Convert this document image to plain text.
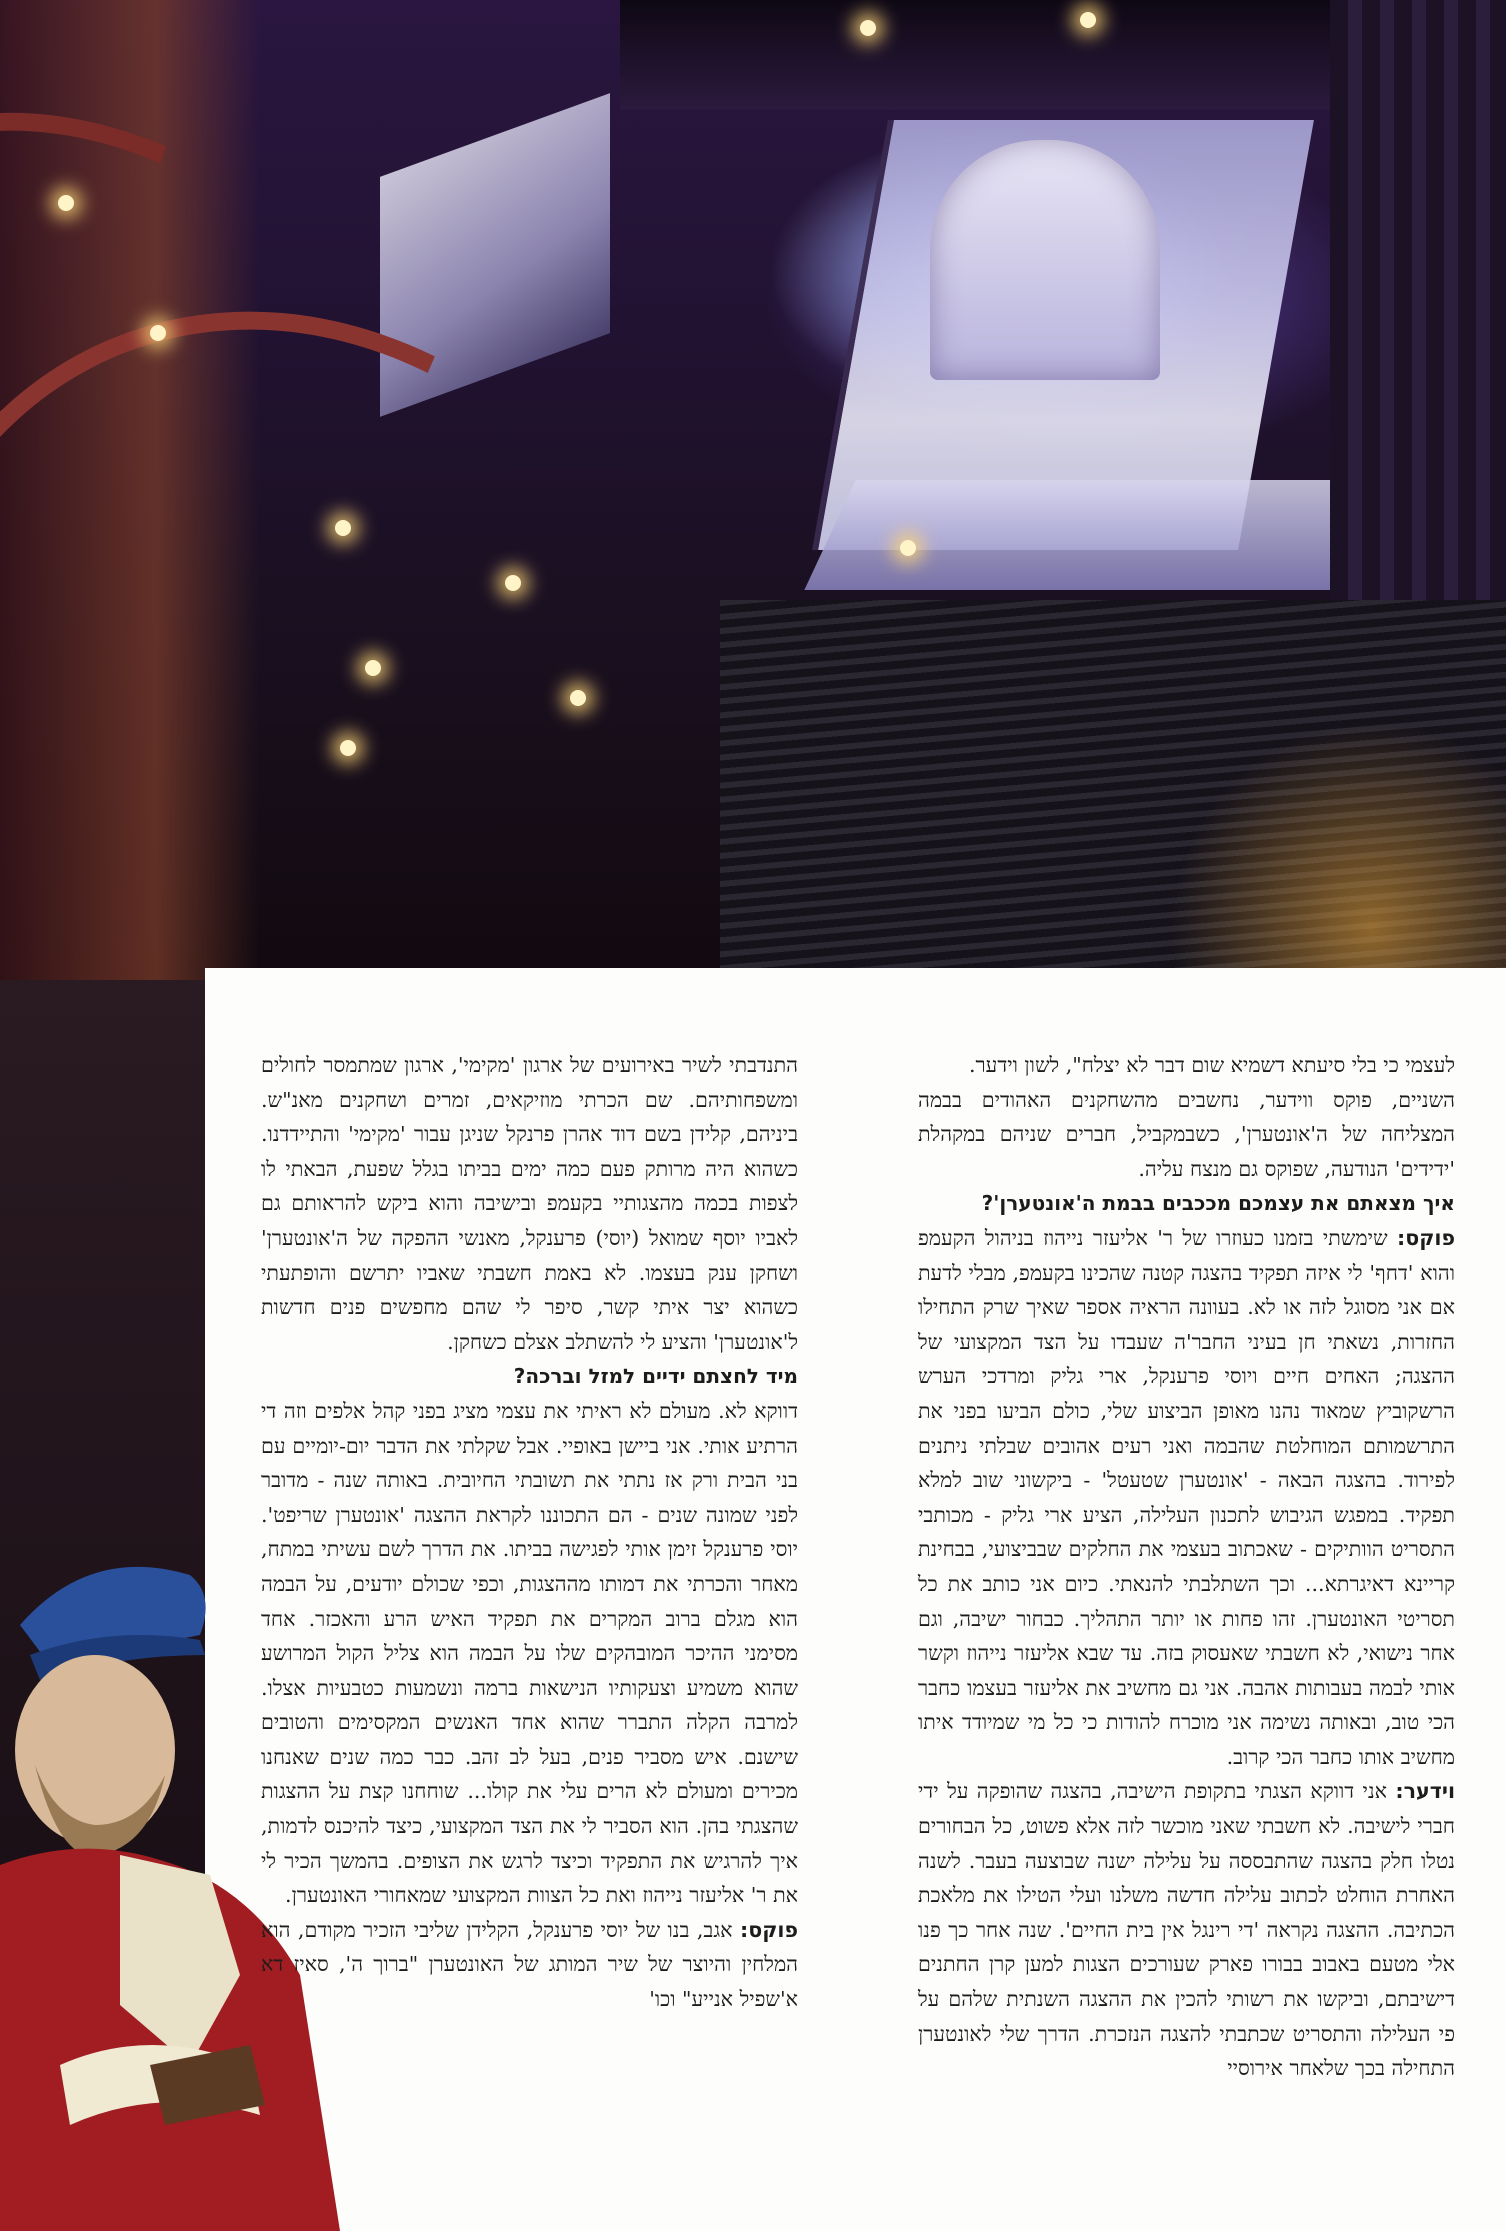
לעצמי כי בלי סיעתא דשמיא שום דבר לא יצלח", לשון וידער.

השניים, פוקס ווידער, נחשבים מהשחקנים האהודים בבמה המצליחה של ה'אונטערן', כשבמקביל, חברים שניהם במקהלת 'ידידים' הנודעה, שפוקס גם מנצח עליה.

איך מצאתם את עצמכם מככבים בבמת ה'אונטערן'?

פוקס: שימשתי בזמנו כעוזרו של ר' אליעזר נייהוז בניהול הקעמפ והוא 'דחף' לי איזה תפקיד בהצגה קטנה שהכינו בקעמפ, מבלי לדעת אם אני מסוגל לזה או לא. בעוונה הראיה אספר שאיך שרק התחילו החזרות, נשאתי חן בעיני החבר'ה שעבדו על הצד המקצועי של ההצגה; האחים חיים ויוסי פרענקל, ארי גליק ומרדכי הערש הרשקוביץ שמאוד נהנו מאופן הביצוע שלי, כולם הביעו בפני את התרשמותם המוחלטת שהבמה ואני רעים אהובים שבלתי ניתנים לפירוד. בהצגה הבאה - 'אונטערן שטעטל' - ביקשוני שוב למלא תפקיד. במפגש הגיבוש לתכנון העלילה, הציע ארי גליק - מכותבי התסריט הוותיקים - שאכתוב בעצמי את החלקים שבביצועי, בבחינת קריינא דאיגרתא... וכך השתלבתי להנאתי. כיום אני כותב את כל תסריטי האונטערן. זהו פחות או יותר התהליך. כבחור ישיבה, וגם אחר נישואי, לא חשבתי שאעסוק בזה. עד שבא אליעזר נייהוז וקשר אותי לבמה בעבותות אהבה. אני גם מחשיב את אליעזר בעצמו כחבר הכי טוב, ובאותה נשימה אני מוכרח להודות כי כל מי שמיודד איתו מחשיב אותו כחבר הכי קרוב.

וידער: אני דווקא הצגתי בתקופת הישיבה, בהצגה שהופקה על ידי חברי לישיבה. לא חשבתי שאני מוכשר לזה אלא פשוט, כל הבחורים נטלו חלק בהצגה שהתבססה על עלילה ישנה שבוצעה בעבר. לשנה האחרת הוחלט לכתוב עלילה חדשה משלנו ועלי הטילו את מלאכת הכתיבה. ההצגה נקראה 'די רינגל אין בית החיים'. שנה אחר כך פנו אלי מטעם באבוב בבורו פארק שעורכים הצגות למען קרן החתנים דישיבתם, וביקשו את רשותי להכין את ההצגה השנתית שלהם על פי העלילה והתסריט שכתבתי להצגה הנזכרת. הדרך שלי לאונטערן התחילה בכך שלאחר אירוסיי

התנדבתי לשיר באירועים של ארגון 'מקימי', ארגון שמתמסר לחולים ומשפחותיהם. שם הכרתי מוזיקאים, זמרים ושחקנים מאנ"ש. ביניהם, קלידן בשם דוד אהרן פרנקל שניגן עבור 'מקימי' והתיידדנו. כשהוא היה מרותק פעם כמה ימים בביתו בגלל שפעת, הבאתי לו לצפות בכמה מהצגותיי בקעמפ ובישיבה והוא ביקש להראותם גם לאביו יוסף שמואל (יוסי) פרענקל, מאנשי ההפקה של ה'אונטערן' ושחקן ענק בעצמו. לא באמת חשבתי שאביו יתרשם והופתעתי כשהוא יצר איתי קשר, סיפר לי שהם מחפשים פנים חדשות ל'אונטערן' והציע לי להשתלב אצלם כשחקן.

מיד לחצתם ידיים למזל וברכה?

דווקא לא. מעולם לא ראיתי את עצמי מציג בפני קהל אלפים וזה די הרתיע אותי. אני ביישן באופיי. אבל שקלתי את הדבר יום-יומיים עם בני הבית ורק אז נתתי את תשובתי החיובית. באותה שנה - מדובר לפני שמונה שנים - הם התכוננו לקראת ההצגה 'אונטערן שריפט'. יוסי פרענקל זימן אותי לפגישה בביתו. את הדרך לשם עשיתי במתח, מאחר והכרתי את דמותו מההצגות, וכפי שכולם יודעים, על הבמה הוא מגלם ברוב המקרים את תפקיד האיש הרע והאכזר. אחד מסימני ההיכר המובהקים שלו על הבמה הוא צליל הקול המרושע שהוא משמיע וצעקותיו הנישאות ברמה ונשמעות כטבעיות אצלו. למרבה הקלה התברר שהוא אחד האנשים המקסימים והטובים שישנם. איש מסביר פנים, בעל לב זהב. כבר כמה שנים שאנחנו מכירים ומעולם לא הרים עלי את קולו... שוחחנו קצת על ההצגות שהצגתי בהן. הוא הסביר לי את הצד המקצועי, כיצד להיכנס לדמות, איך להרגיש את התפקיד וכיצד לרגש את הצופים. בהמשך הכיר לי את ר' אליעזר נייהוז ואת כל הצוות המקצועי שמאחורי האונטערן.

פוקס: אגב, בנו של יוסי פרענקל, הקלידן שליבי הזכיר מקודם, הוא המלחין והיוצר של שיר המותג של האונטערן "ברוך ה', סאיז דא א'שפיל אנייע" וכו'
